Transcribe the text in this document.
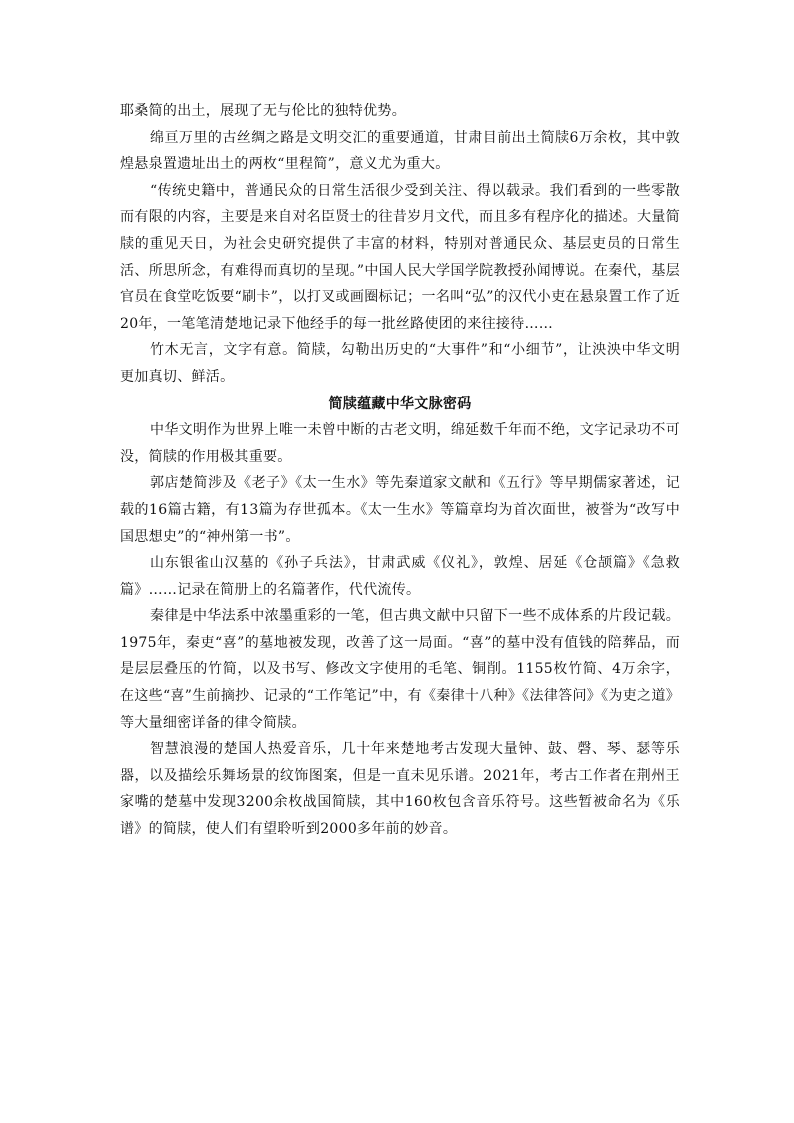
耶桑简的出土，展现了无与伦比的独特优势。

绵亘万里的古丝绸之路是文明交汇的重要通道，甘肃目前出土简牍6万余枚，其中敦煌悬泉置遗址出土的两枚“里程简”，意义尤为重大。

“传统史籍中，普通民众的日常生活很少受到关注、得以载录。我们看到的一些零散而有限的内容，主要是来自对名臣贤士的往昔岁月文代，而且多有程序化的描述。大量简牍的重见天日，为社会史研究提供了丰富的材料，特别对普通民众、基层吏员的日常生活、所思所念，有难得而真切的呈现。”中国人民大学国学院教授孙闻博说。在秦代，基层官员在食堂吃饭要“刷卡”，以打叉或画圈标记；一名叫“弘”的汉代小吏在悬泉置工作了近20年，一笔笔清楚地记录下他经手的每一批丝路使团的来往接待……

竹木无言，文字有意。简牍，勾勒出历史的“大事件”和“小细节”，让泱泱中华文明更加真切、鲜活。

简牍蕴藏中华文脉密码

中华文明作为世界上唯一未曾中断的古老文明，绵延数千年而不绝，文字记录功不可没，简牍的作用极其重要。

郭店楚简涉及《老子》《太一生水》等先秦道家文献和《五行》等早期儒家著述，记载的16篇古籍，有13篇为存世孤本。《太一生水》等篇章均为首次面世，被誉为“改写中国思想史”的“神州第一书”。

山东银雀山汉墓的《孙子兵法》，甘肃武威《仪礼》，敦煌、居延《仓颉篇》《急救篇》……记录在简册上的名篇著作，代代流传。

秦律是中华法系中浓墨重彩的一笔，但古典文献中只留下一些不成体系的片段记载。1975年，秦吏“喜”的墓地被发现，改善了这一局面。“喜”的墓中没有值钱的陪葬品，而是层层叠压的竹简，以及书写、修改文字使用的毛笔、铜削。1155枚竹简、4万余字，在这些“喜”生前摘抄、记录的“工作笔记”中，有《秦律十八种》《法律答问》《为吏之道》等大量细密详备的律令简牍。

智慧浪漫的楚国人热爱音乐，几十年来楚地考古发现大量钟、鼓、磬、琴、瑟等乐器，以及描绘乐舞场景的纹饰图案，但是一直未见乐谱。2021年，考古工作者在荆州王家嘴的楚墓中发现3200余枚战国简牍，其中160枚包含音乐符号。这些暂被命名为《乐谱》的简牍，使人们有望聆听到2000多年前的妙音。
